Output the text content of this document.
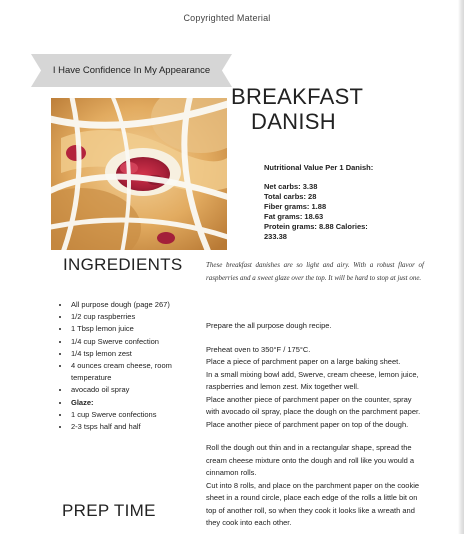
Copyrighted Material
I Have Confidence In My Appearance
BREAKFAST
DANISH
Nutritional Value Per 1 Danish:
Net carbs: 3.38
Total carbs: 28
Fiber grams: 1.88
Fat grams: 18.63
Protein grams: 8.88 Calories:
233.38
INGREDIENTS	These breakfast danishes are so light and airy. With a robust flavor of raspberries and a sweet glaze over the top. It will be hard to stop at just one.
• All purpose dough (page 267)
• 1/2 cup raspberries
• 1 Tbsp lemon juice
• 1/4 cup Swerve confection
• 1/4 tsp lemon zest
• 4 ounces cream cheese, room temperature
• avocado oil spray
• Glaze:
• 1 cup Swerve confections
• 2-3 tsps half and half

Prepare the all purpose dough recipe.

Preheat oven to 350°F / 175°C.

Place a piece of parchment paper on a large baking sheet.

In a small mixing bowl add, Swerve, cream cheese, lemon juice, raspberries and lemon zest. Mix together well.

Place another piece of parchment paper on the counter, spray with avocado oil spray, place the dough on the parchment paper. Place another piece of parchment paper on top of the dough.

Roll the dough out thin and in a rectangular shape, spread the cream cheese mixture onto the dough and roll like you would a cinnamon rolls.

Cut into 8 rolls, and place on the parchment paper on the cookie sheet in a round circle, place each edge of the rolls a little bit on top of another roll, so when they cook it looks like a wreath and they cook into each other.

PREP TIME
